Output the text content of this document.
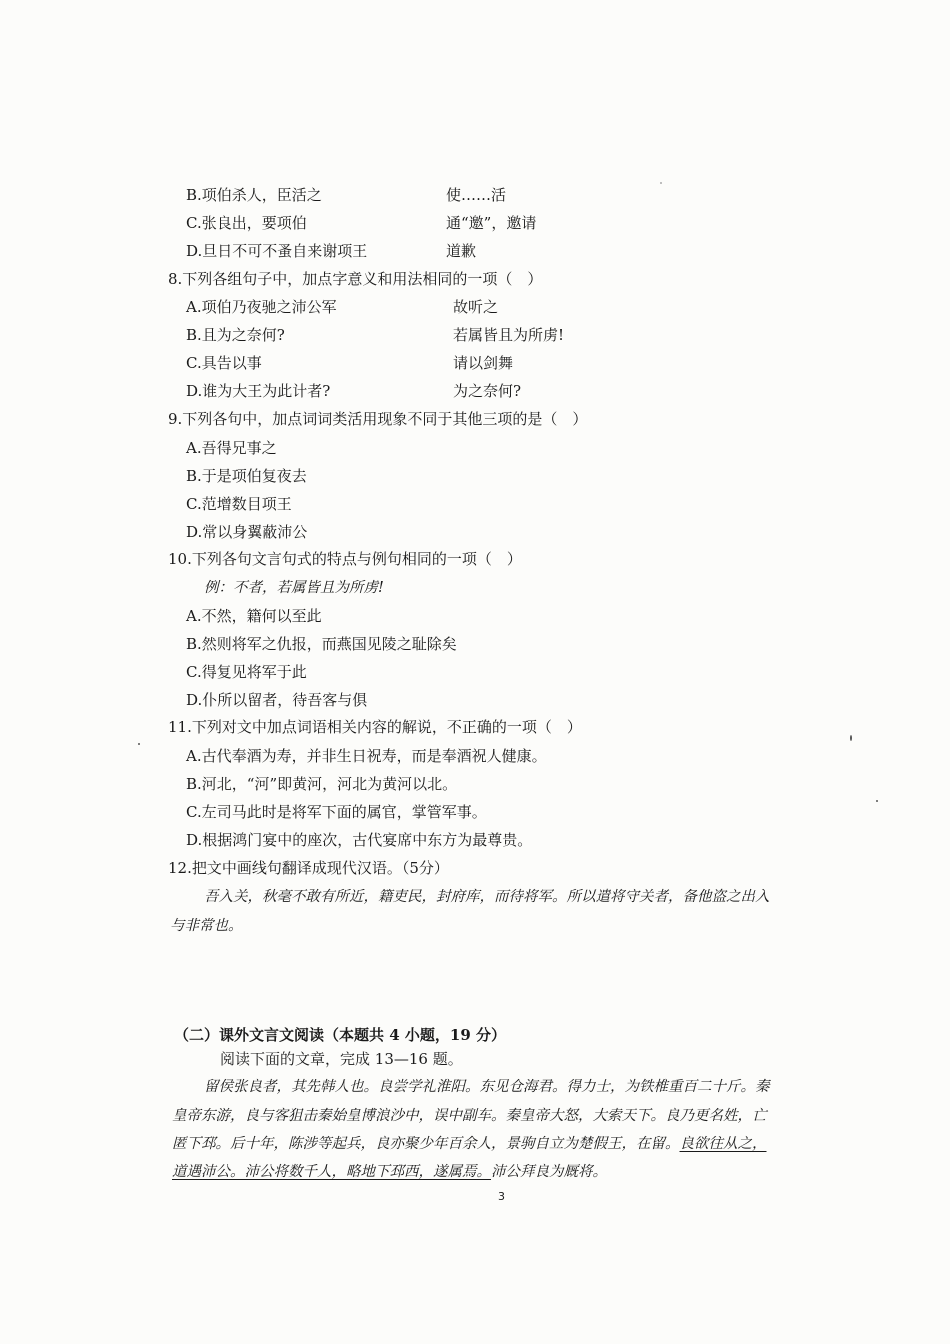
B.项伯杀人，臣活之	使……活
C.张良出，要项伯	通“邀”，邀请
D.旦日不可不蚤自来谢项王	道歉
8.下列各组句子中，加点字意义和用法相同的一项（　）
A.项伯乃夜驰之沛公军	故听之
B.且为之奈何?	若属皆且为所虏!
C.具告以事	请以剑舞
D.谁为大王为此计者?	为之奈何?
9.下列各句中，加点词词类活用现象不同于其他三项的是（　）
A.吾得兄事之
B.于是项伯复夜去
C.范增数目项王
D.常以身翼蔽沛公
10.下列各句文言句式的特点与例句相同的一项（　）
例：不者，若属皆且为所虏!
A.不然，籍何以至此
B.然则将军之仇报，而燕国见陵之耻除矣
C.得复见将军于此
D.仆所以留者，待吾客与俱
11.下列对文中加点词语相关内容的解说，不正确的一项（　）
A.古代奉酒为寿，并非生日祝寿，而是奉酒祝人健康。
B.河北，“河”即黄河，河北为黄河以北。
C.左司马此时是将军下面的属官，掌管军事。
D.根据鸿门宴中的座次，古代宴席中东方为最尊贵。
12.把文中画线句翻译成现代汉语。（5分）
吾入关，秋毫不敢有所近，籍吏民，封府库，而待将军。所以遣将守关者，备他盗之出入
与非常也。
（二）课外文言文阅读（本题共 4 小题，19 分）
阅读下面的文章，完成 13—16 题。
留侯张良者，其先韩人也。良尝学礼淮阳。东见仓海君。得力士，为铁椎重百二十斤。秦
皇帝东游，良与客狙击秦始皇博浪沙中，误中副车。秦皇帝大怒，大索天下。良乃更名姓，亡
匿下邳。后十年，陈涉等起兵，良亦聚少年百余人，景驹自立为楚假王，在留。良欲往从之，
道遇沛公。沛公将数千人，略地下邳西，遂属焉。沛公拜良为厩将。
3
